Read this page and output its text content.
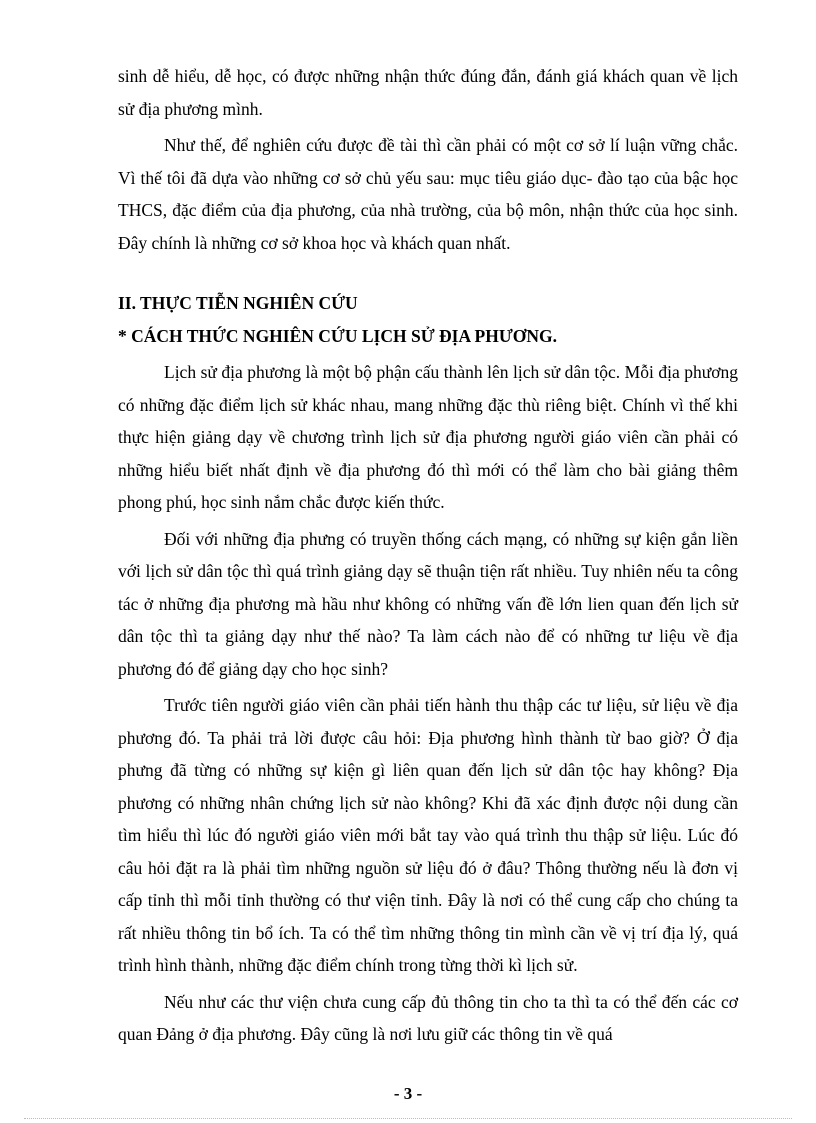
sinh dễ hiểu, dễ học, có được những nhận thức đúng đắn, đánh giá khách quan về lịch sử địa phương mình.

Như thế, để nghiên cứu được đề tài thì cần phải có một cơ sở lí luận vững chắc. Vì thế tôi đã dựa vào những cơ sở chủ yếu sau: mục tiêu giáo dục- đào tạo của bậc học THCS, đặc điểm của địa phương, của nhà trường, của bộ môn, nhận thức của học sinh. Đây chính là những cơ sở khoa học và khách quan nhất.

II. THỰC TIỄN NGHIÊN CỨU

* CÁCH THỨC NGHIÊN CỨU LỊCH SỬ ĐỊA PHƯƠNG.

Lịch sử địa phương là một bộ phận cấu thành lên lịch sử dân tộc. Mỗi địa phương có những đặc điểm lịch sử khác nhau, mang những đặc thù riêng biệt. Chính vì thế khi thực hiện giảng dạy về chương trình lịch sử địa phương người giáo viên cần phải có những hiểu biết nhất định về địa phương đó thì mới có thể làm cho bài giảng thêm phong phú, học sinh nắm chắc được kiến thức.

Đối với những địa phưng có truyền thống cách mạng, có những sự kiện gắn liền với lịch sử dân tộc thì quá trình giảng dạy sẽ thuận tiện rất nhiều. Tuy nhiên nếu ta công tác ở những địa phương mà hầu như không có những vấn đề lớn lien quan đến lịch sử dân tộc thì ta giảng dạy như thế nào? Ta làm cách nào để có những tư liệu về địa phương đó để giảng dạy cho học sinh?

Trước tiên người giáo viên cần phải tiến hành thu thập các tư liệu, sử liệu về địa phương đó. Ta phải trả lời được câu hỏi: Địa phương hình thành từ bao giờ? Ở địa phưng đã từng có những sự kiện gì liên quan đến lịch sử dân tộc hay không? Địa phương có những nhân chứng lịch sử nào không? Khi đã xác định được nội dung cần tìm hiểu thì lúc đó người giáo viên mới bắt tay vào quá trình thu thập sử liệu. Lúc đó câu hỏi đặt ra là phải tìm những nguồn sử liệu đó ở đâu? Thông thường nếu là đơn vị cấp tỉnh thì mỗi tỉnh thường có thư viện tỉnh. Đây là nơi có thể cung cấp cho chúng ta rất nhiều thông tin bổ ích. Ta có thể tìm những thông tin mình cần về vị trí địa lý, quá trình hình thành, những đặc điểm chính trong từng thời kì lịch sử.

Nếu như các thư viện chưa cung cấp đủ thông tin cho ta thì ta có thể đến các cơ quan Đảng ở địa phương. Đây cũng là nơi lưu giữ các thông tin về quá

- 3 -
